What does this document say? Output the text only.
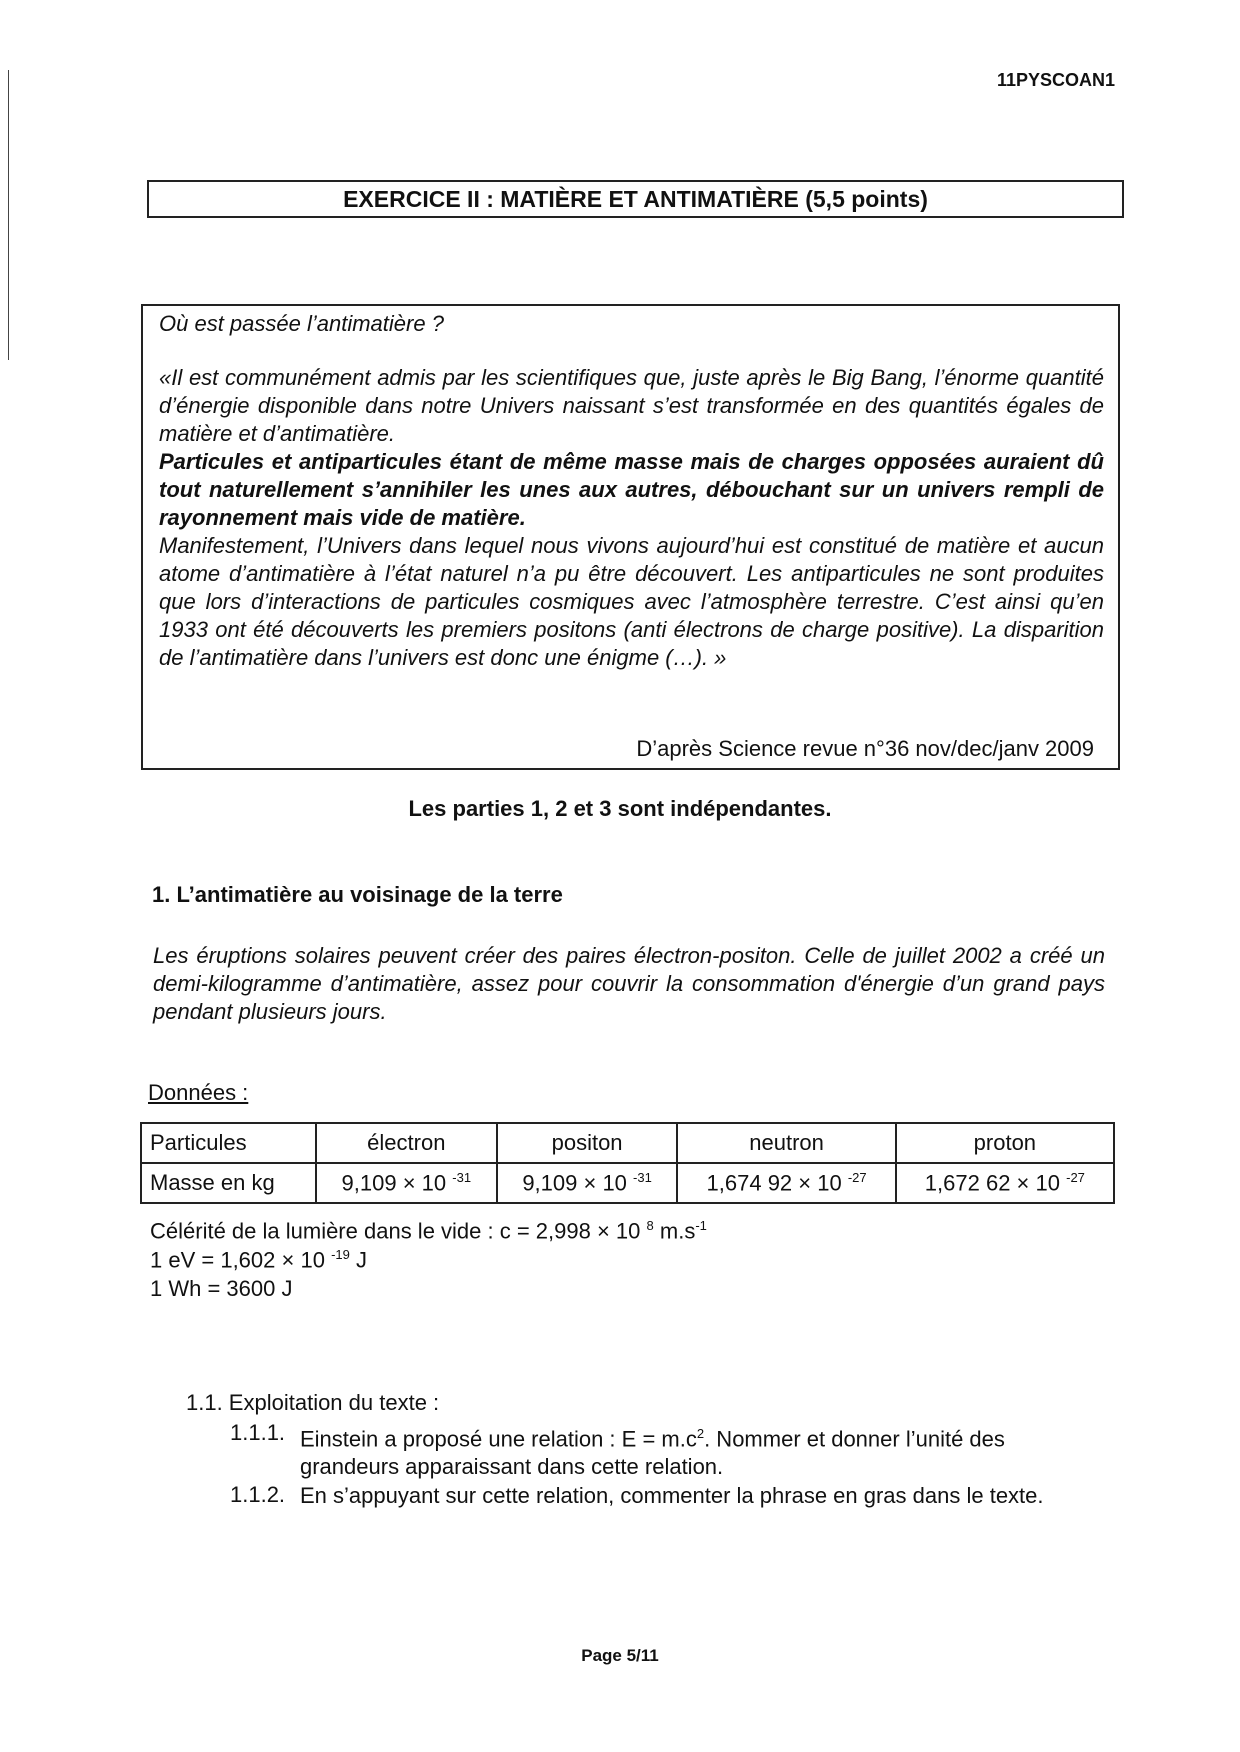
11PYSCOAN1
EXERCICE II : MATIÈRE ET ANTIMATIÈRE (5,5 points)

Où est passée l’antimatière ?

«Il est communément admis par les scientifiques que, juste après le Big Bang, l’énorme quantité d’énergie disponible dans notre Univers naissant s’est transformée en des quantités égales de matière et d’antimatière.

Particules et antiparticules étant de même masse mais de charges opposées auraient dû tout naturellement s’annihiler les unes aux autres, débouchant sur un univers rempli de rayonnement mais vide de matière.

Manifestement, l’Univers dans lequel nous vivons aujourd’hui est constitué de matière et aucun atome d’antimatière à l’état naturel n’a pu être découvert. Les antiparticules ne sont produites que lors d’interactions de particules cosmiques avec l’atmosphère terrestre. C’est ainsi qu’en 1933 ont été découverts les premiers positons (anti électrons de charge positive). La disparition de l’antimatière dans l’univers est donc une énigme (…). »

D’après Science revue n°36 nov/dec/janv 2009
Les parties 1, 2 et 3 sont indépendantes.
1. L’antimatière au voisinage de la terre
Les éruptions solaires peuvent créer des paires électron-positon. Celle de juillet 2002 a créé un demi-kilogramme d’antimatière, assez pour couvrir la consommation d'énergie d’un grand pays pendant plusieurs jours.
Données :
Particules	électron	positon	neutron	proton
Masse en kg	9,109 × 10 $^{-31}$	9,109 × 10 $^{-31}$	1,674 92 × 10 $^{-27}$	1,672 62 × 10 $^{-27}$
Célérité de la lumière dans le vide : c = 2,998 × 10 $^8$ $m.s^{-1}$
1 eV = 1,602 × 10 $^{-19}$ J
1 Wh = 3600 J
1.1. Exploitation du texte :
1.1.1. Einstein a proposé une relation : $E = m.c^2$. Nommer et donner l’unité des grandeurs apparaissant dans cette relation.
1.1.2. En s’appuyant sur cette relation, commenter la phrase en gras dans le texte.
Page 5/11
